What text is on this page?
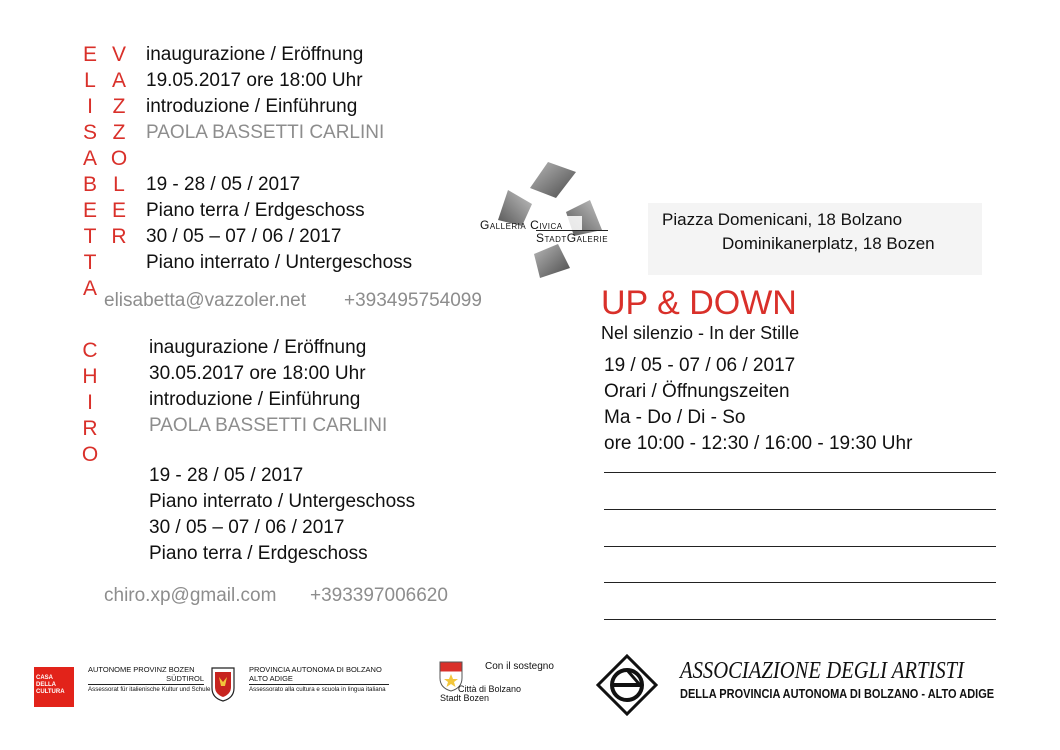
E
L
I
S
A
B
E
T
T
A
V
A
Z
Z
O
L
E
R
inaugurazione / Eröffnung
19.05.2017 ore 18:00 Uhr
introduzione / Einführung
PAOLA BASSETTI CARLINI
19 - 28 / 05 / 2017
Piano terra / Erdgeschoss
30 / 05 – 07 / 06 / 2017
Piano interrato / Untergeschoss
elisabetta@vazzoler.net +393495754099
C
H
I
R
O
inaugurazione / Eröffnung
30.05.2017 ore 18:00 Uhr
introduzione / Einführung
PAOLA BASSETTI CARLINI
19 - 28 / 05 / 2017
Piano interrato / Untergeschoss
30 / 05 – 07 / 06 / 2017
Piano terra / Erdgeschoss
chiro.xp@gmail.com +393397006620
Galleria Civica
StadtGalerie
Piazza Domenicani, 18 Bolzano
Dominikanerplatz, 18 Bozen
UP & DOWN
Nel silenzio - In der Stille
19 / 05 - 07 / 06 / 2017
Orari / Öffnungszeiten
Ma - Do / Di - So
ore 10:00 - 12:30 / 16:00 - 19:30 Uhr
CASA DELLA CULTURA
AUTONOME PROVINZ BOZEN
SÜDTIROL
Assessorat für italienische Kultur und Schule
PROVINCIA AUTONOMA DI BOLZANO
ALTO ADIGE
Assessorato alla cultura e scuola in lingua italiana
Con il sostegno
Città di Bolzano
Stadt Bozen
ASSOCIAZIONE DEGLI ARTISTI
DELLA PROVINCIA AUTONOMA DI BOLZANO - ALTO ADIGE
